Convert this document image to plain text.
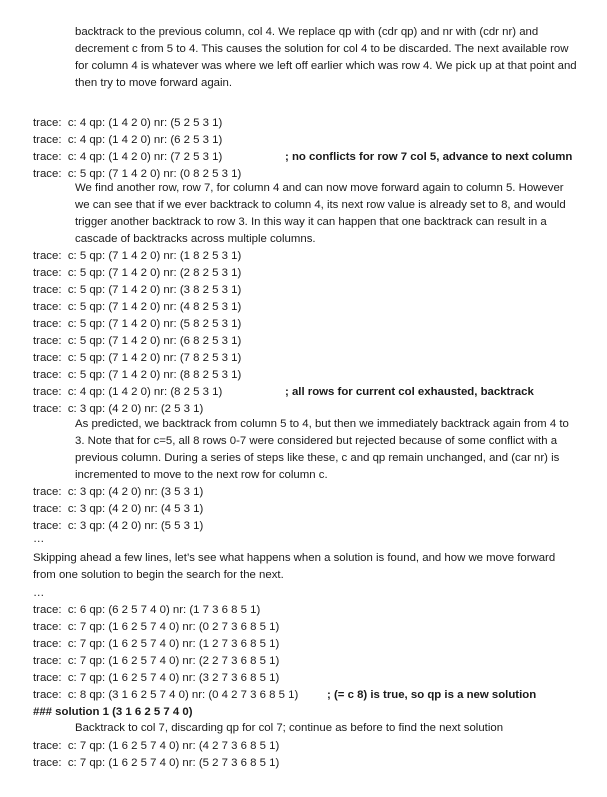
backtrack to the previous column, col 4. We replace qp with (cdr qp) and nr with (cdr nr) and decrement c from 5 to 4. This causes the solution for col 4 to be discarded. The next available row for column 4 is whatever was where we left off earlier which was row 4. We pick up at that point and then try to move forward again.

trace:  c: 4 qp: (1 4 2 0) nr: (5 2 5 3 1)
trace:  c: 4 qp: (1 4 2 0) nr: (6 2 5 3 1)
trace:  c: 4 qp: (1 4 2 0) nr: (7 2 5 3 1)	; no conflicts for row 7 col 5, advance to next column
trace:  c: 5 qp: (7 1 4 2 0) nr: (0 8 2 5 3 1)

We find another row, row 7, for column 4 and can now move forward again to column 5. However we can see that if we ever backtrack to column 4, its next row value is already set to 8, and would trigger another backtrack to row 3. In this way it can happen that one backtrack can result in a cascade of backtracks across multiple columns.

trace:  c: 5 qp: (7 1 4 2 0) nr: (1 8 2 5 3 1)
trace:  c: 5 qp: (7 1 4 2 0) nr: (2 8 2 5 3 1)
trace:  c: 5 qp: (7 1 4 2 0) nr: (3 8 2 5 3 1)
trace:  c: 5 qp: (7 1 4 2 0) nr: (4 8 2 5 3 1)
trace:  c: 5 qp: (7 1 4 2 0) nr: (5 8 2 5 3 1)
trace:  c: 5 qp: (7 1 4 2 0) nr: (6 8 2 5 3 1)
trace:  c: 5 qp: (7 1 4 2 0) nr: (7 8 2 5 3 1)
trace:  c: 5 qp: (7 1 4 2 0) nr: (8 8 2 5 3 1)
trace:  c: 4 qp: (1 4 2 0) nr: (8 2 5 3 1)	; all rows for current col exhausted, backtrack
trace:  c: 3 qp: (4 2 0) nr: (2 5 3 1)

As predicted, we backtrack from column 5 to 4, but then we immediately backtrack again from 4 to 3. Note that for c=5, all 8 rows 0-7 were considered but rejected because of some conflict with a previous column. During a series of steps like these, c and qp remain unchanged, and (car nr) is incremented to move to the next row for column c.

trace:  c: 3 qp: (4 2 0) nr: (3 5 3 1)
trace:  c: 3 qp: (4 2 0) nr: (4 5 3 1)
trace:  c: 3 qp: (4 2 0) nr: (5 5 3 1)
…

Skipping ahead a few lines, let’s see what happens when a solution is found, and how we move forward from one solution to begin the search for the next.

…
trace:  c: 6 qp: (6 2 5 7 4 0) nr: (1 7 3 6 8 5 1)
trace:  c: 7 qp: (1 6 2 5 7 4 0) nr: (0 2 7 3 6 8 5 1)
trace:  c: 7 qp: (1 6 2 5 7 4 0) nr: (1 2 7 3 6 8 5 1)
trace:  c: 7 qp: (1 6 2 5 7 4 0) nr: (2 2 7 3 6 8 5 1)
trace:  c: 7 qp: (1 6 2 5 7 4 0) nr: (3 2 7 3 6 8 5 1)
trace:  c: 8 qp: (3 1 6 2 5 7 4 0) nr: (0 4 2 7 3 6 8 5 1)	; (= c 8) is true, so qp is a new solution
### solution 1 (3 1 6 2 5 7 4 0)

Backtrack to col 7, discarding qp for col 7; continue as before to find the next solution

trace:  c: 7 qp: (1 6 2 5 7 4 0) nr: (4 2 7 3 6 8 5 1)
trace:  c: 7 qp: (1 6 2 5 7 4 0) nr: (5 2 7 3 6 8 5 1)
